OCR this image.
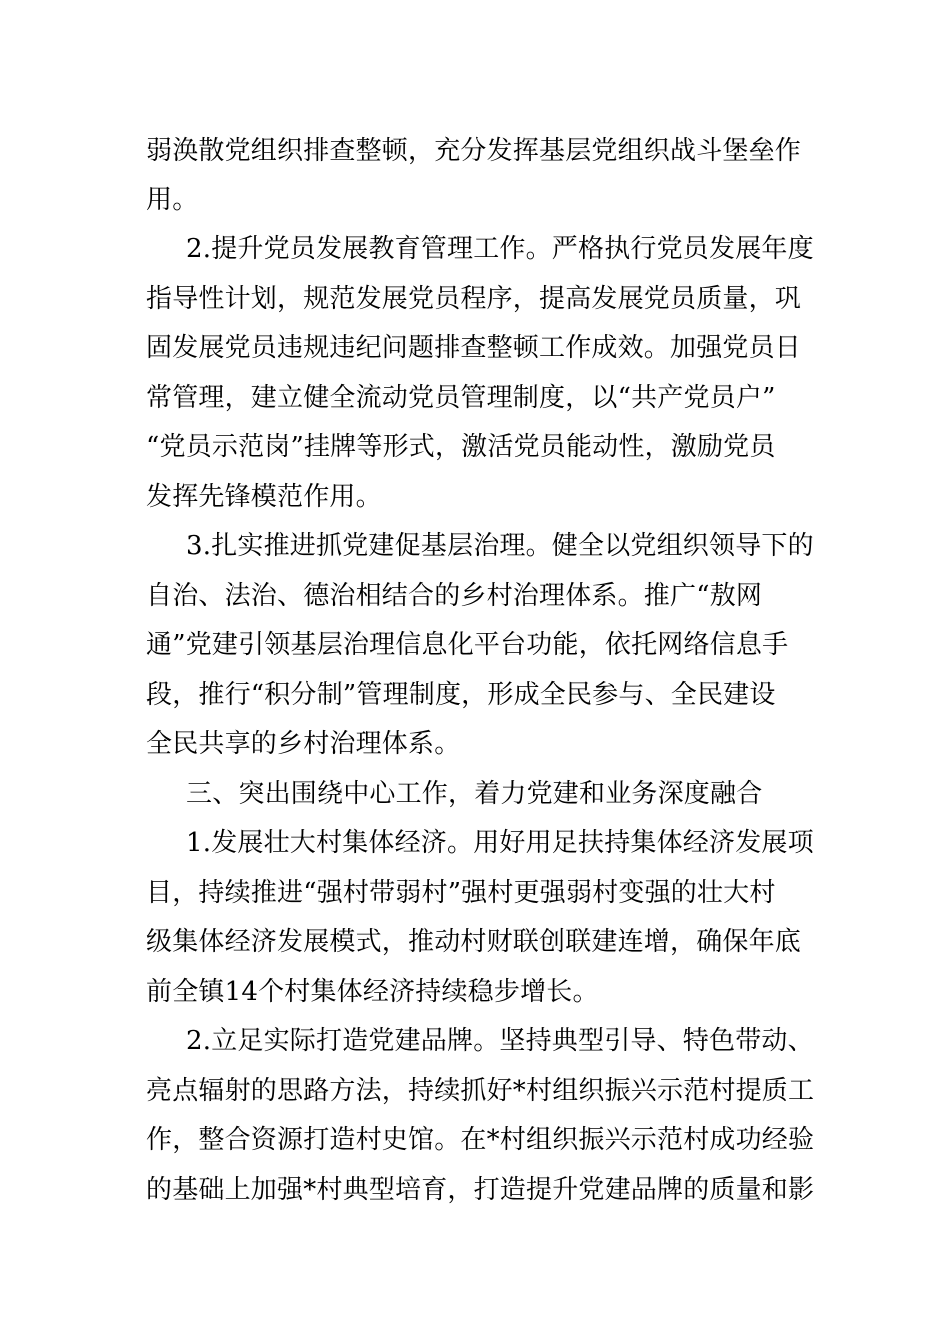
弱涣散党组织排查整顿，充分发挥基层党组织战斗堡垒作
用。
2.提升党员发展教育管理工作。严格执行党员发展年度
指导性计划，规范发展党员程序，提高发展党员质量，巩
固发展党员违规违纪问题排查整顿工作成效。加强党员日
常管理，建立健全流动党员管理制度，以“共产党员户”
“党员示范岗”挂牌等形式，激活党员能动性，激励党员
发挥先锋模范作用。
3.扎实推进抓党建促基层治理。健全以党组织领导下的
自治、法治、德治相结合的乡村治理体系。推广“敖网
通”党建引领基层治理信息化平台功能，依托网络信息手
段，推行“积分制”管理制度，形成全民参与、全民建设
全民共享的乡村治理体系。
三、突出围绕中心工作，着力党建和业务深度融合
1.发展壮大村集体经济。用好用足扶持集体经济发展项
目，持续推进“强村带弱村”强村更强弱村变强的壮大村
级集体经济发展模式，推动村财联创联建连增，确保年底
前全镇14个村集体经济持续稳步增长。
2.立足实际打造党建品牌。坚持典型引导、特色带动、
亮点辐射的思路方法，持续抓好*村组织振兴示范村提质工
作，整合资源打造村史馆。在*村组织振兴示范村成功经验
的基础上加强*村典型培育，打造提升党建品牌的质量和影
